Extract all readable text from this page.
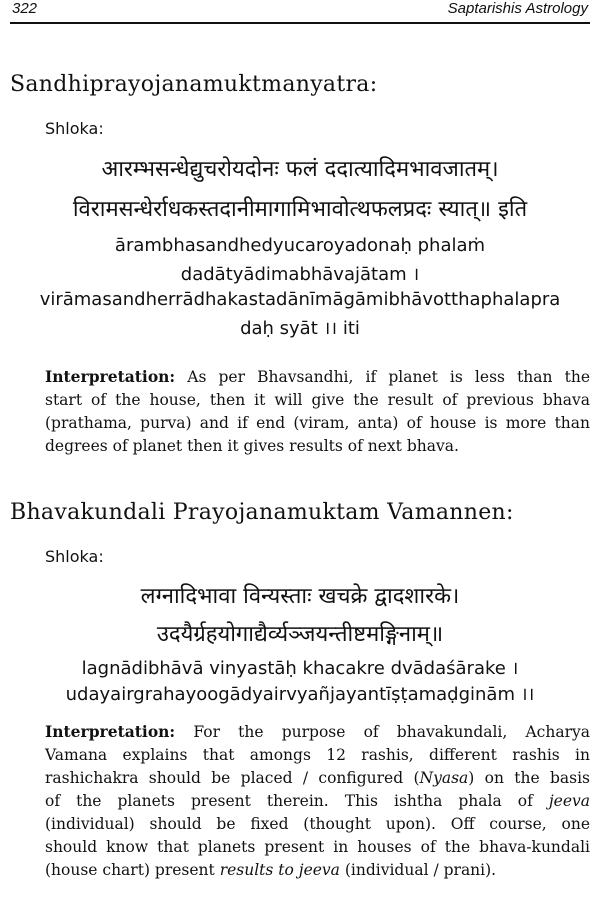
322	Saptarishis Astrology
Sandhiprayojanamuktmanyatra:
Shloka:
आरम्भसन्धेद्युचरोयदोनः फलं ददात्यादिमभावजातम्।
विरामसन्धेर्राधकस्तदानीमागामिभावोत्थफलप्रदः स्यात्॥ इति
ārambhasandhedyucaroyadonaḥ phalaṁ
dadātyādimabhāvajātam ।
virāmasandherrādhakastadānīmāgāmibhāvotthaphalapra
daḥ syāt ।। iti
Interpretation: As per Bhavsandhi, if planet is less than the
start of the house, then it will give the result of previous bhava
(prathama, purva) and if end (viram, anta) of house is more than
degrees of planet then it gives results of next bhava.
Bhavakundali Prayojanamuktam Vamannen:
Shloka:
लग्नादिभावा विन्यस्ताः खचक्रे द्वादशारके।
उदयैर्ग्रहयोगाद्यैर्व्यञ्जयन्तीष्टमङ्गिनाम्॥
lagnādibhāvā vinyastāḥ khacakre dvādaśārake ।
udayairgrahayoogādyairvyañjayantīṣṭamaḍginām ।।
Interpretation: For the purpose of bhavakundali, Acharya
Vamana explains that amongs 12 rashis, different rashis in
rashichakra should be placed / configured (Nyasa) on the basis
of the planets present therein. This ishtha phala of jeeva
(individual) should be fixed (thought upon). Off course, one
should know that planets present in houses of the bhava-kundali
(house chart) present results to jeeva (individual / prani).
